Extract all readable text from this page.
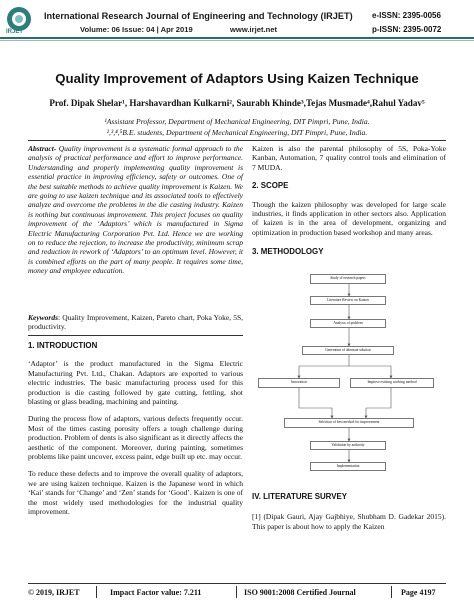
IRJET
International Research Journal of Engineering and Technology (IRJET)
Volume: 06 Issue: 04 | Apr 2019	www.irjet.net
e-ISSN: 2395-0056
p-ISSN: 2395-0072
Quality Improvement of Adaptors Using Kaizen Technique
Prof. Dipak Shelar¹, Harshavardhan Kulkarni², Saurabh Khinde³,Tejas Musmade⁴,Rahul Yadav⁵
¹Assistant Professor, Department of Mechanical Engineering, DIT Pimpri, Pune, India.
²,³,⁴,⁵B.E. students, Department of Mechanical Engineering, DIT Pimpri, Pune, India.

Abstract- Quality improvement is a systematic formal approach to the analysis of practical performance and effort to improve performance. Understanding and properly implementing quality improvement is essential practice in improving efficiency, safety or outcomes. One of the best suitable methods to achieve quality improvement is Kaizen. We are going to use kaizen technique and its associated tools to effectively analyze and overcome the problems in the die casting industry. Kaizen is nothing but continuous improvement. This project focuses on quality improvement of the ‘Adaptors’ which is manufactured in Sigma Electric Manufacturing Corporation Pvt. Ltd. Hence we are working on to reduce the rejection, to increase the productivity, minimum scrap and reduction in rework of ‘Adaptors’ to an optimum level. However, it is combined efforts on the part of many people. It requires some time, money and employee education.

Keywords: Quality Improvement, Kaizen, Pareto chart, Poka Yoke, 5S, productivity.

1. INTRODUCTION

‘Adaptor’ is the product manufactured in the Sigma Electric Manufacturing Pvt. Ltd., Chakan. Adaptors are exported to various electric industries. The basic manufacturing process used for this production is die casting followed by gate cutting, fettling, shot blasting or glass beading, machining and painting.

During the process flow of adaptors, various defects frequently occur. Most of the times casting porosity offers a tough challenge during production. Problem of dents is also significant as it directly affects the aesthetic of the component. Moreover, during painting, sometimes problems like paint uncover, excess paint, edge built up etc. may occur.

To reduce these defects and to improve the overall quality of adaptors, we are using kaizen technique. Kaizen is the Japanese word in which ‘Kai’ stands for ‘Change’ and ‘Zen’ stands for ‘Good’. Kaizen is one of the most widely used methodologies for the industrial quality improvement.

Kaizen is also the parental philosophy of 5S, Poka-Yoke Kanban, Automation, 7 quality control tools and elimination of 7 MUDA.

2. SCOPE

Though the kaizen philosophy was developed for large scale industries, it finds application in other sectors also. Application of kaizen is in the area of development, organizing and optimization in production based workshop and many areas.

3. METHODOLOGY
Study of research papers
Literature Review on Kaizen
Analysis of problem
Generation of alternate solution
Innovation	Improve existing working method
Selection of best method for improvement
Validation by authority
Implementation
IV. LITERATURE SURVEY

[1] (Dipak Gauri, Ajay Gajbhiye, Shubham D. Gadekar 2015). This paper is about how to apply the Kaizen

© 2019, IRJET	Impact Factor value: 7.211	ISO 9001:2008 Certified Journal	Page 4197
